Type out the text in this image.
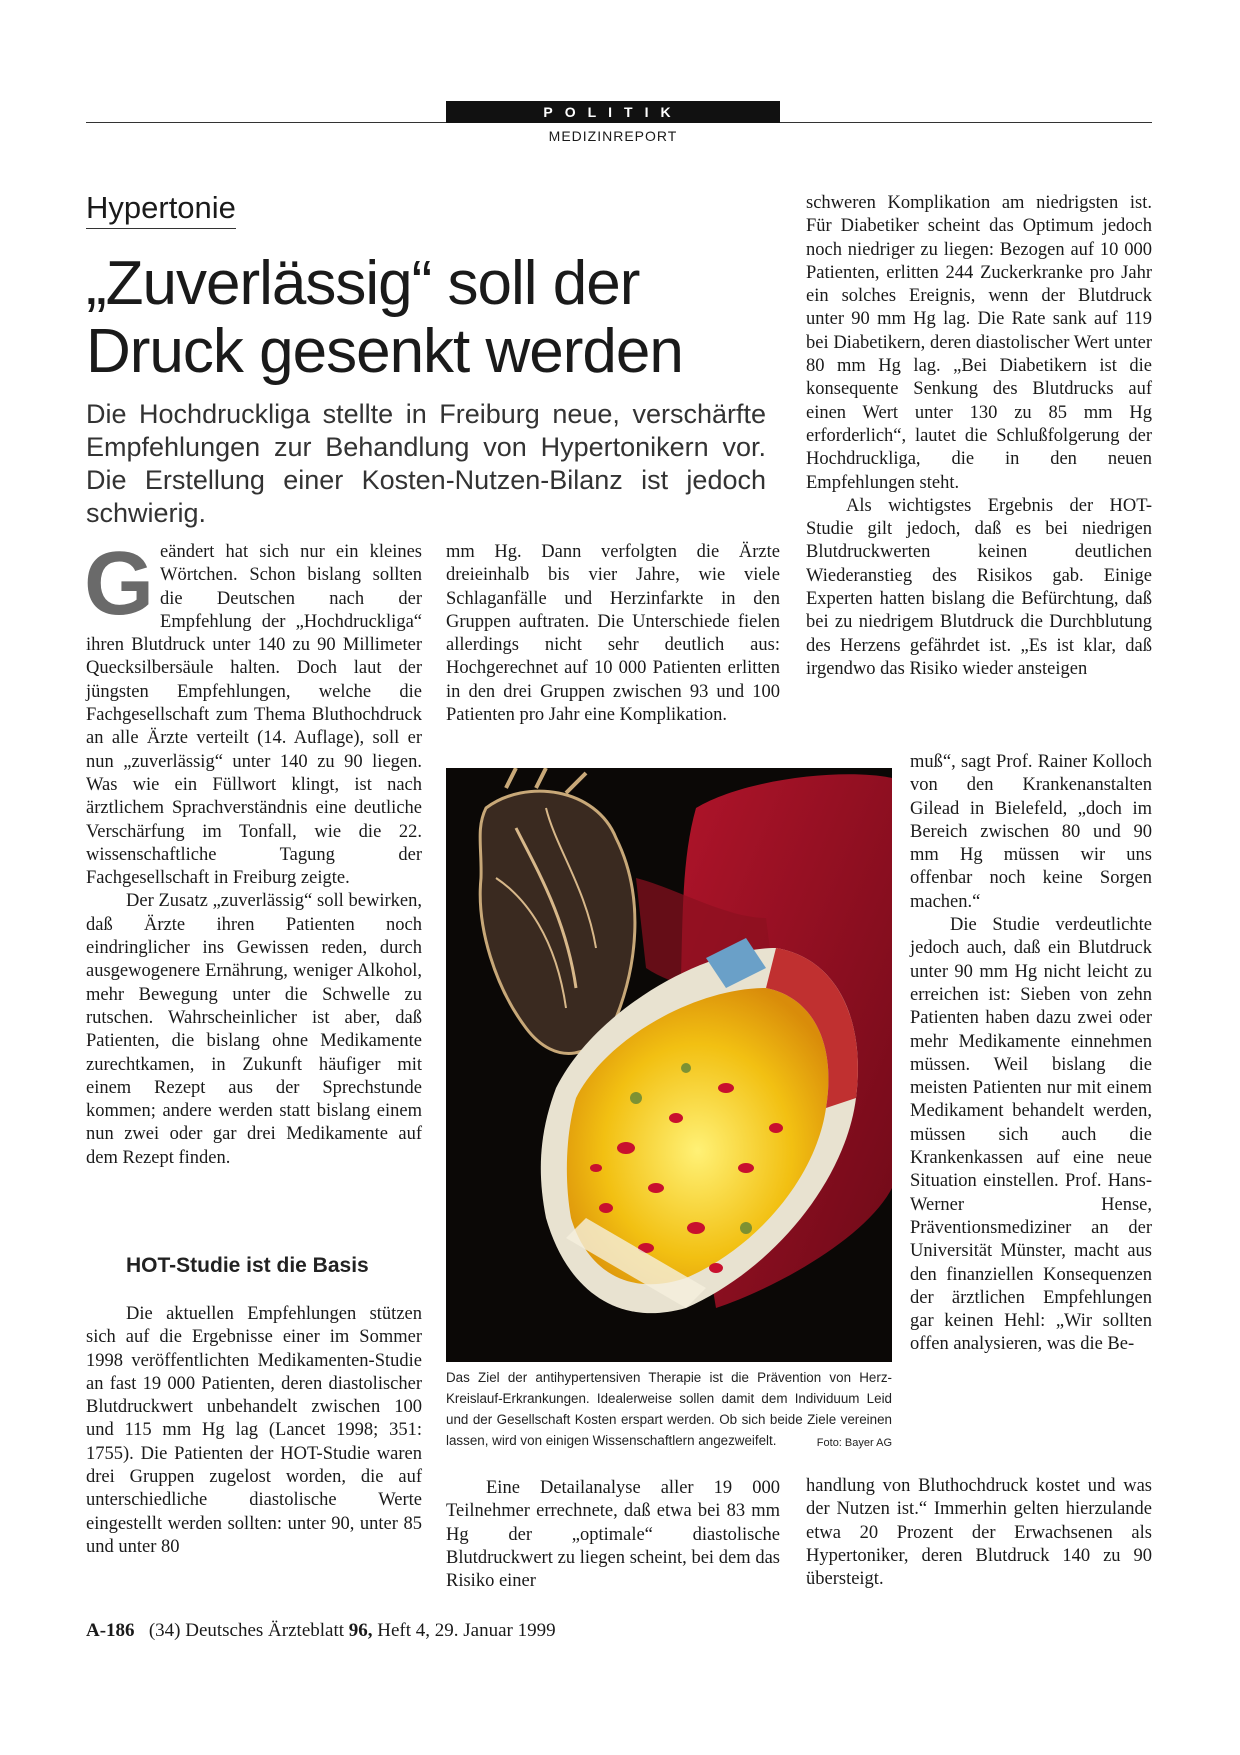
POLITIK
MEDIZINREPORT
Hypertonie
„Zuverlässig“ soll der
Druck gesenkt werden

Die Hochdruckliga stellte in Freiburg neue, verschärfte Empfehlungen zur Behandlung von Hypertonikern vor. Die Erstellung einer Kosten-Nutzen-Bilanz ist jedoch schwierig.

Geändert hat sich nur ein kleines Wörtchen. Schon bislang sollten die Deutschen nach der Empfehlung der „Hochdruckliga“ ihren Blutdruck unter 140 zu 90 Millimeter Quecksilbersäule halten. Doch laut der jüngsten Empfehlungen, welche die Fachgesellschaft zum Thema Bluthochdruck an alle Ärzte verteilt (14. Auflage), soll er nun „zuverlässig“ unter 140 zu 90 liegen. Was wie ein Füllwort klingt, ist nach ärztlichem Sprachverständnis eine deutliche Verschärfung im Tonfall, wie die 22. wissenschaftliche Tagung der Fachgesellschaft in Freiburg zeigte.

Der Zusatz „zuverlässig“ soll bewirken, daß Ärzte ihren Patienten noch eindringlicher ins Gewissen reden, durch ausgewogenere Ernährung, weniger Alkohol, mehr Bewegung unter die Schwelle zu rutschen. Wahrscheinlicher ist aber, daß Patienten, die bislang ohne Medikamente zurechtkamen, in Zukunft häufiger mit einem Rezept aus der Sprechstunde kommen; andere werden statt bislang einem nun zwei oder gar drei Medikamente auf dem Rezept finden.

HOT-Studie ist die Basis

Die aktuellen Empfehlungen stützen sich auf die Ergebnisse einer im Sommer 1998 veröffentlichten Medikamenten-Studie an fast 19 000 Patienten, deren diastolischer Blutdruckwert unbehandelt zwischen 100 und 115 mm Hg lag (Lancet 1998; 351: 1755). Die Patienten der HOT-Studie waren drei Gruppen zugelost worden, die auf unterschiedliche diastolische Werte eingestellt werden sollten: unter 90, unter 85 und unter 80

mm Hg. Dann verfolgten die Ärzte dreieinhalb bis vier Jahre, wie viele Schlaganfälle und Herzinfarkte in den Gruppen auftraten. Die Unterschiede fielen allerdings nicht sehr deutlich aus: Hochgerechnet auf 10 000 Patienten erlitten in den drei Gruppen zwischen 93 und 100 Patienten pro Jahr eine Komplikation.

Das Ziel der antihypertensiven Therapie ist die Prävention von Herz-Kreislauf-Erkrankungen. Idealerweise sollen damit dem Individuum Leid und der Gesellschaft Kosten erspart werden. Ob sich beide Ziele vereinen lassen, wird von einigen Wissenschaftlern angezweifelt.	Foto: Bayer AG

Eine Detailanalyse aller 19 000 Teilnehmer errechnete, daß etwa bei 83 mm Hg der „optimale“ diastolische Blutdruckwert zu liegen scheint, bei dem das Risiko einer

schweren Komplikation am niedrigsten ist. Für Diabetiker scheint das Optimum jedoch noch niedriger zu liegen: Bezogen auf 10 000 Patienten, erlitten 244 Zuckerkranke pro Jahr ein solches Ereignis, wenn der Blutdruck unter 90 mm Hg lag. Die Rate sank auf 119 bei Diabetikern, deren diastolischer Wert unter 80 mm Hg lag. „Bei Diabetikern ist die konsequente Senkung des Blutdrucks auf einen Wert unter 130 zu 85 mm Hg erforderlich“, lautet die Schlußfolgerung der Hochdruckliga, die in den neuen Empfehlungen steht.

Als wichtigstes Ergebnis der HOT-Studie gilt jedoch, daß es bei niedrigen Blutdruckwerten keinen deutlichen Wiederanstieg des Risikos gab. Einige Experten hatten bislang die Befürchtung, daß bei zu niedrigem Blutdruck die Durchblutung des Herzens gefährdet ist. „Es ist klar, daß irgendwo das Risiko wieder ansteigen

muß“, sagt Prof. Rainer Kolloch von den Krankenanstalten Gilead in Bielefeld, „doch im Bereich zwischen 80 und 90 mm Hg müssen wir uns offenbar noch keine Sorgen machen.“

Die Studie verdeutlichte jedoch auch, daß ein Blutdruck unter 90 mm Hg nicht leicht zu erreichen ist: Sieben von zehn Patienten haben dazu zwei oder mehr Medikamente einnehmen müssen. Weil bislang die meisten Patienten nur mit einem Medikament behandelt werden, müssen sich auch die Krankenkassen auf eine neue Situation einstellen. Prof. Hans-Werner Hense, Präventionsmediziner an der Universität Münster, macht aus den finanziellen Konsequenzen der ärztlichen Empfehlungen gar keinen Hehl: „Wir sollten offen analysieren, was die Be-

handlung von Bluthochdruck kostet und was der Nutzen ist.“ Immerhin gelten hierzulande etwa 20 Prozent der Erwachsenen als Hypertoniker, deren Blutdruck 140 zu 90 übersteigt.

A-186 (34) Deutsches Ärzteblatt 96, Heft 4, 29. Januar 1999
